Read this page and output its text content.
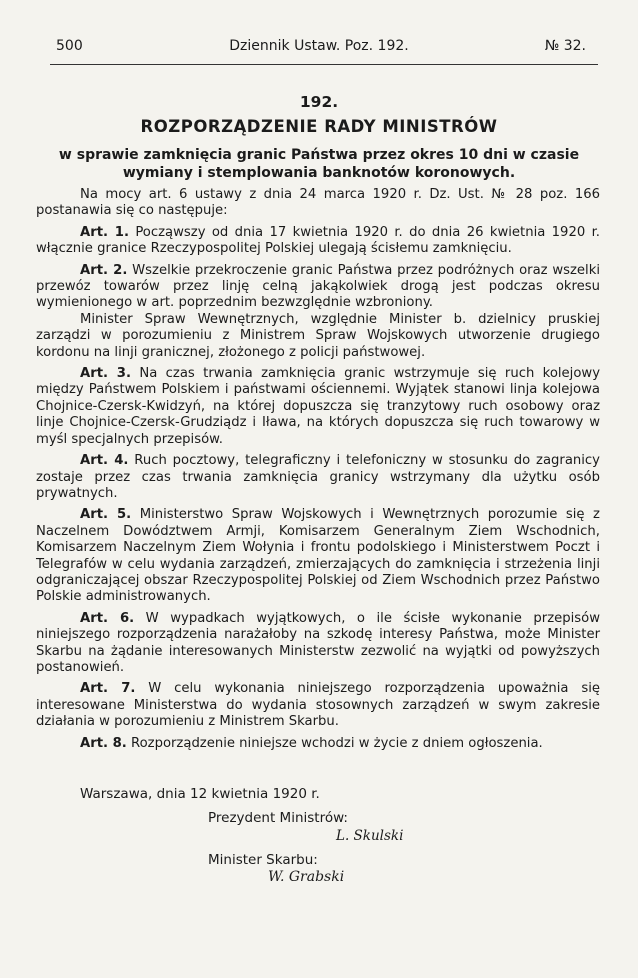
500	Dziennik Ustaw. Poz. 192.	№ 32.
192.
ROZPORZĄDZENIE RADY MINISTRÓW
w sprawie zamknięcia granic Państwa przez okres 10 dni w czasie wymiany i stemplowania banknotów koronowych.

Na mocy art. 6 ustawy z dnia 24 marca 1920 r. Dz. Ust. № 28 poz. 166 postanawia się co następuje:

Art. 1. Począwszy od dnia 17 kwietnia 1920 r. do dnia 26 kwietnia 1920 r. włącznie granice Rzeczypospolitej Polskiej ulegają ścisłemu zamknięciu.

Art. 2. Wszelkie przekroczenie granic Państwa przez podróżnych oraz wszelki przewóz towarów przez linję celną jakąkolwiek drogą jest podczas okresu wymienionego w art. poprzednim bezwzględnie wzbroniony.

Minister Spraw Wewnętrznych, względnie Minister b. dzielnicy pruskiej zarządzi w porozumieniu z Ministrem Spraw Wojskowych utworzenie drugiego kordonu na linji granicznej, złożonego z policji państwowej.

Art. 3. Na czas trwania zamknięcia granic wstrzymuje się ruch kolejowy między Państwem Polskiem i państwami ościennemi. Wyjątek stanowi linja kolejowa Chojnice-Czersk-Kwidzyń, na której dopuszcza się tranzytowy ruch osobowy oraz linje Chojnice-Czersk-Grudziądz i Iława, na których dopuszcza się ruch towarowy w myśl specjalnych przepisów.

Art. 4. Ruch pocztowy, telegraficzny i telefoniczny w stosunku do zagranicy zostaje przez czas trwania zamknięcia granicy wstrzymany dla użytku osób prywatnych.

Art. 5. Ministerstwo Spraw Wojskowych i Wewnętrznych porozumie się z Naczelnem Dowództwem Armji, Komisarzem Generalnym Ziem Wschodnich, Komisarzem Naczelnym Ziem Wołynia i frontu podolskiego i Ministerstwem Poczt i Telegrafów w celu wydania zarządzeń, zmierzających do zamknięcia i strzeżenia linji odgraniczającej obszar Rzeczypospolitej Polskiej od Ziem Wschodnich przez Państwo Polskie administrowanych.

Art. 6. W wypadkach wyjątkowych, o ile ścisłe wykonanie przepisów niniejszego rozporządzenia narażałoby na szkodę interesy Państwa, może Minister Skarbu na żądanie interesowanych Ministerstw zezwolić na wyjątki od powyższych postanowień.

Art. 7. W celu wykonania niniejszego rozporządzenia upoważnia się interesowane Ministerstwa do wydania stosownych zarządzeń w swym zakresie działania w porozumieniu z Ministrem Skarbu.

Art. 8. Rozporządzenie niniejsze wchodzi w życie z dniem ogłoszenia.

Warszawa, dnia 12 kwietnia 1920 r.
Prezydent Ministrów:
L. Skulski
Minister Skarbu:
W. Grabski
